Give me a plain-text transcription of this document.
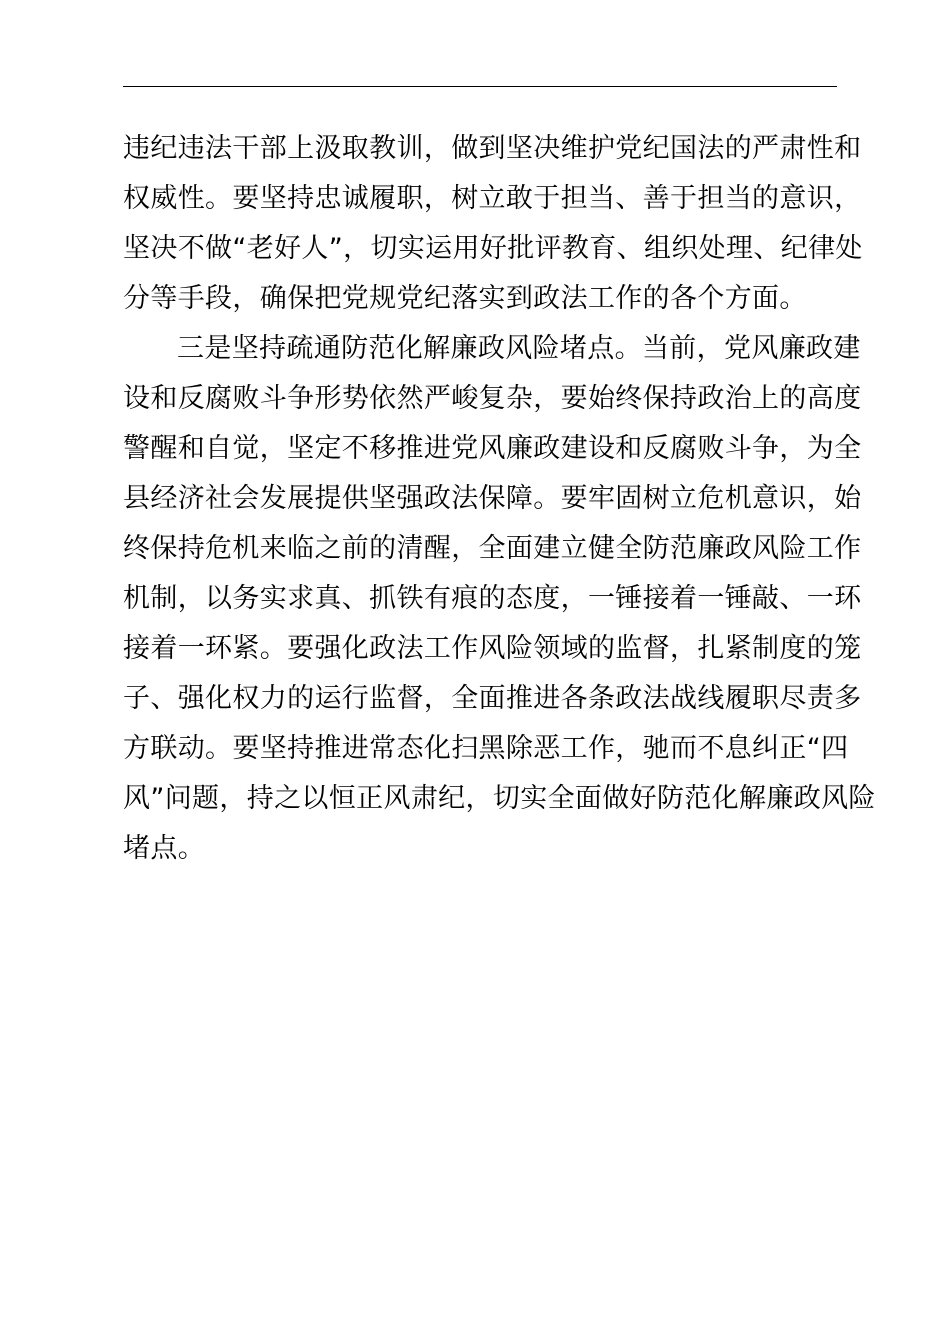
违纪违法干部上汲取教训，做到坚决维护党纪国法的严肃性和
权威性。要坚持忠诚履职，树立敢于担当、善于担当的意识，
坚决不做“老好人”，切实运用好批评教育、组织处理、纪律处
分等手段，确保把党规党纪落实到政法工作的各个方面。
三是坚持疏通防范化解廉政风险堵点。当前，党风廉政建
设和反腐败斗争形势依然严峻复杂，要始终保持政治上的高度
警醒和自觉，坚定不移推进党风廉政建设和反腐败斗争，为全
县经济社会发展提供坚强政法保障。要牢固树立危机意识，始
终保持危机来临之前的清醒，全面建立健全防范廉政风险工作
机制，以务实求真、抓铁有痕的态度，一锤接着一锤敲、一环
接着一环紧。要强化政法工作风险领域的监督，扎紧制度的笼
子、强化权力的运行监督，全面推进各条政法战线履职尽责多
方联动。要坚持推进常态化扫黑除恶工作，驰而不息纠正“四
风”问题，持之以恒正风肃纪，切实全面做好防范化解廉政风险
堵点。
